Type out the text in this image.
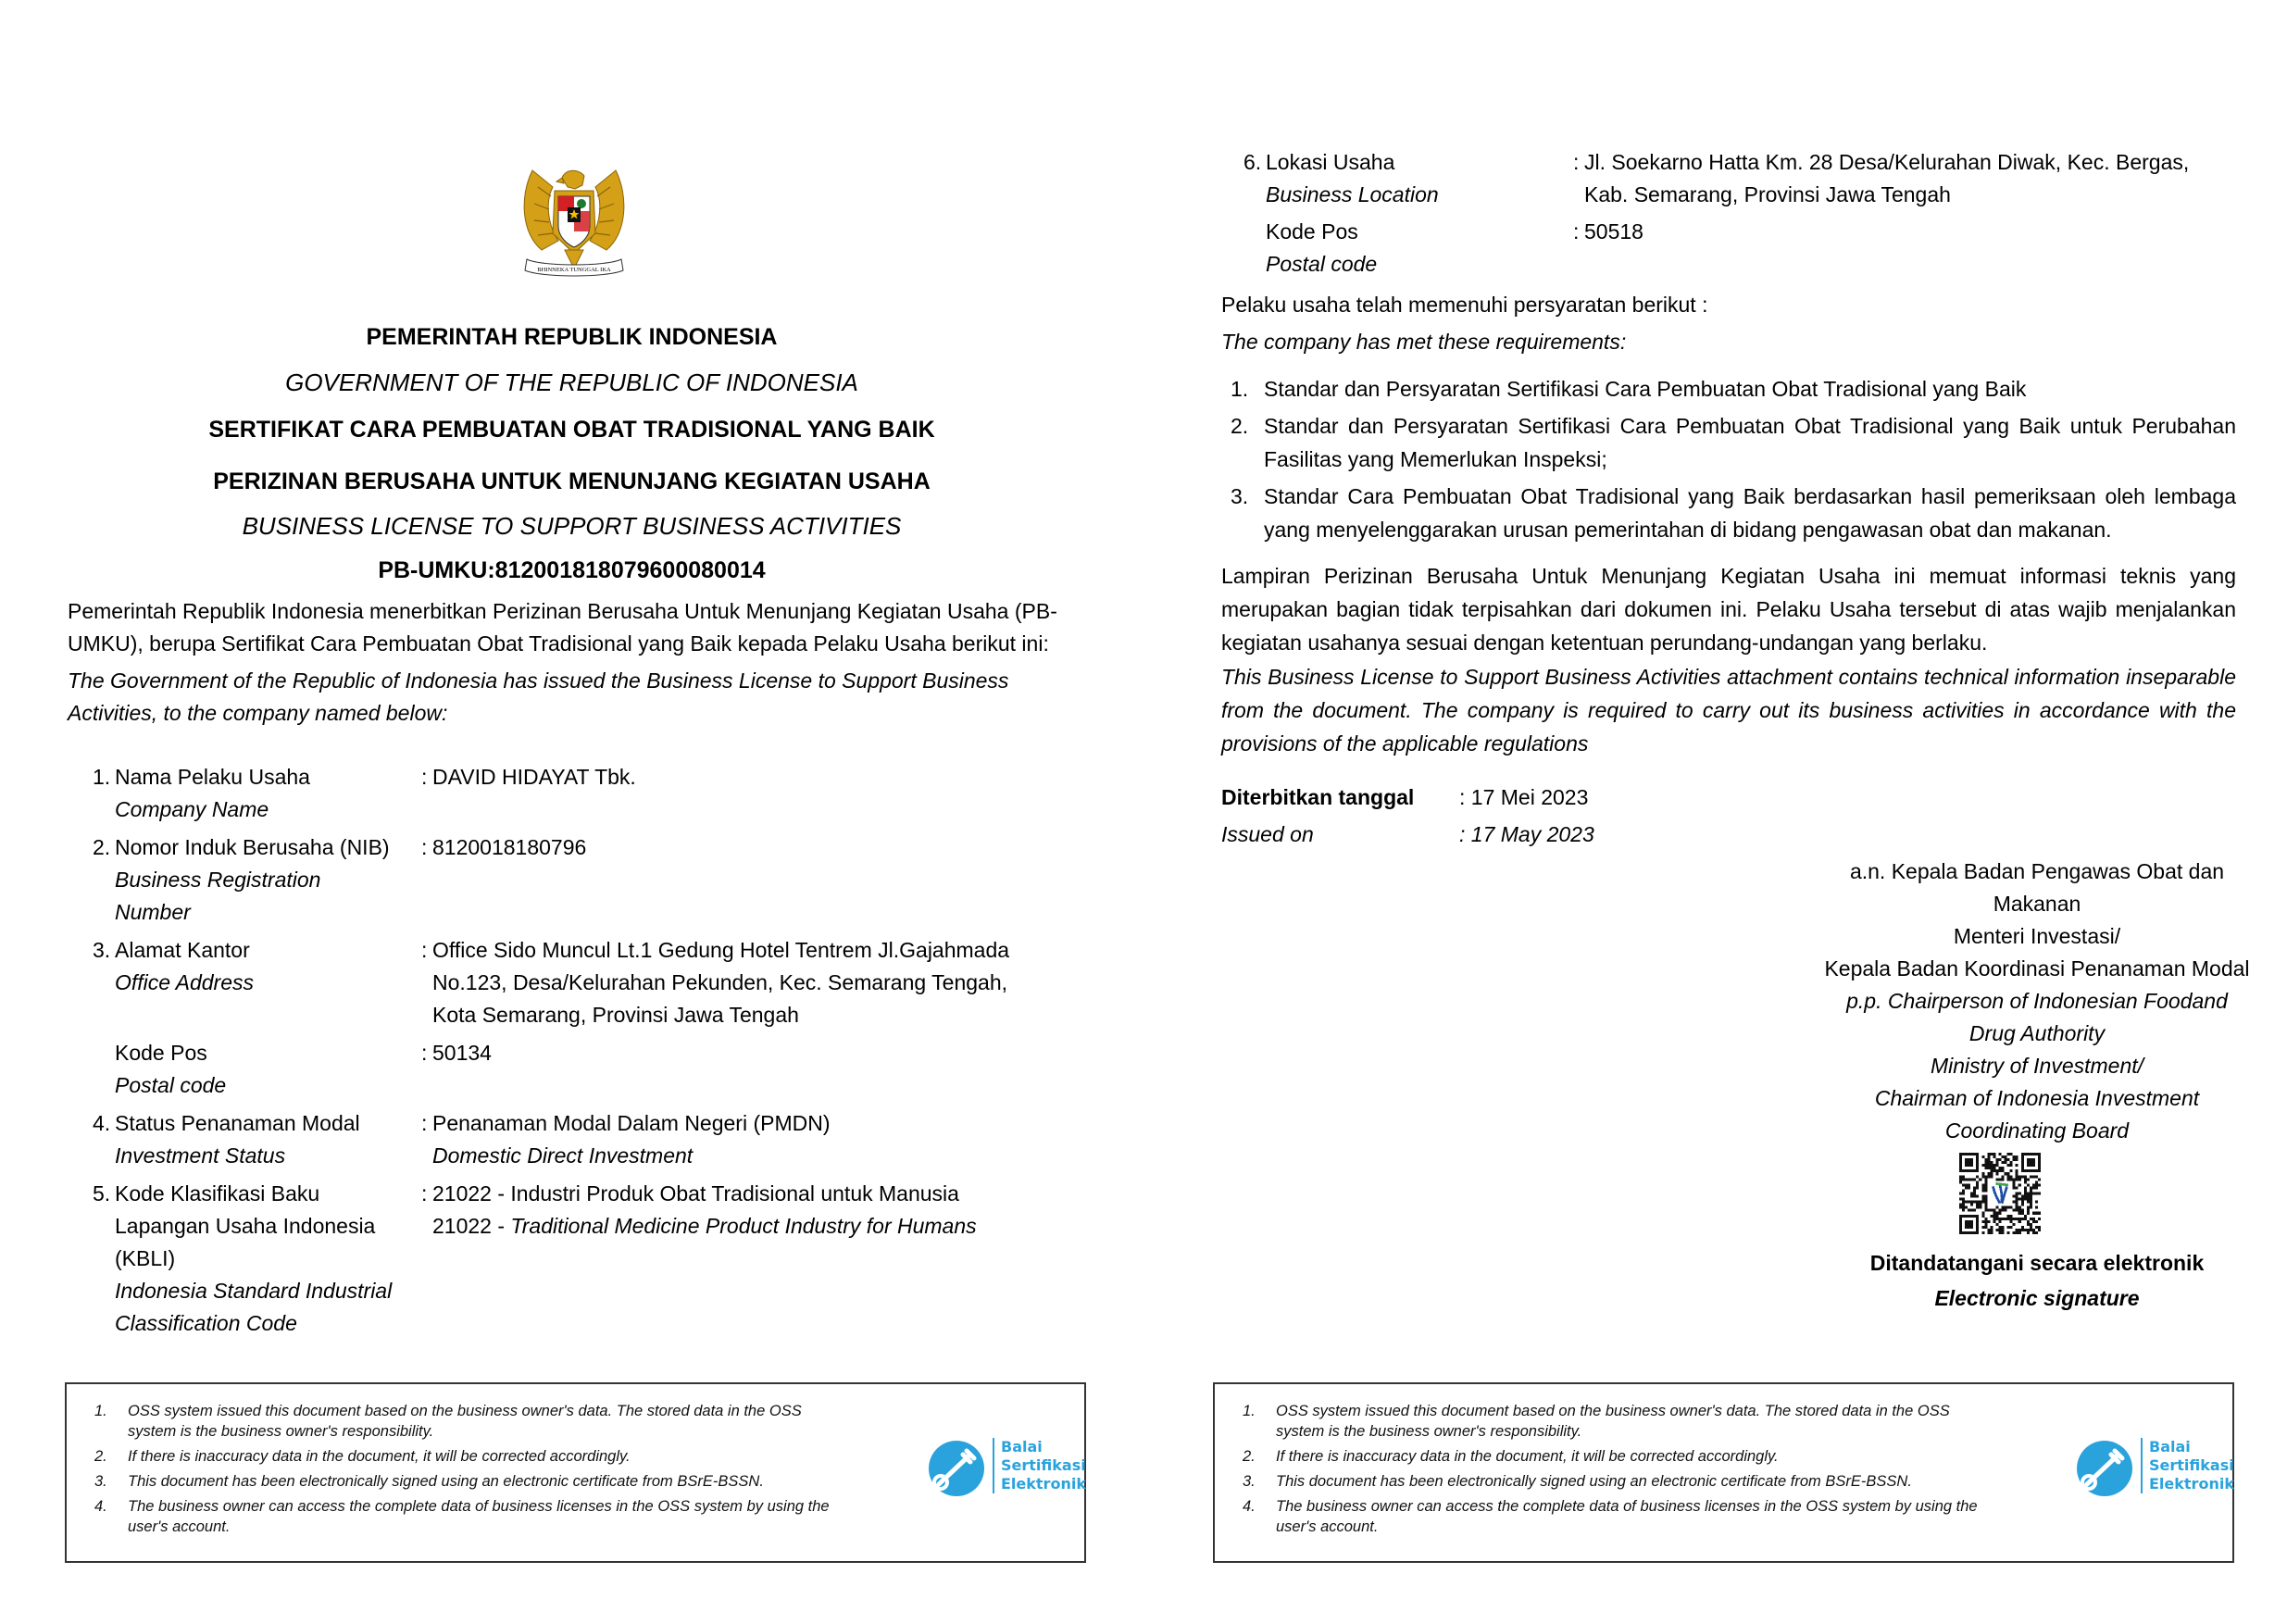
BHINNEKA TUNGGAL IKA
PEMERINTAH REPUBLIK INDONESIA
GOVERNMENT OF THE REPUBLIC OF INDONESIA
SERTIFIKAT CARA PEMBUATAN OBAT TRADISIONAL YANG BAIK
PERIZINAN BERUSAHA UNTUK MENUNJANG KEGIATAN USAHA
BUSINESS LICENSE TO SUPPORT BUSINESS ACTIVITIES
PB-UMKU:812001818079600080014
Pemerintah Republik Indonesia menerbitkan Perizinan Berusaha Untuk Menunjang Kegiatan Usaha (PB-
UMKU), berupa Sertifikat Cara Pembuatan Obat Tradisional yang Baik kepada Pelaku Usaha berikut ini:
The Government of the Republic of Indonesia has issued the Business License to Support Business
Activities, to the company named below:
1. Nama Pelaku Usaha
Company Name
: DAVID HIDAYAT Tbk.
2. Nomor Induk Berusaha (NIB)
Business Registration
Number
: 8120018180796
3. Alamat Kantor
Office Address
: Office Sido Muncul Lt.1 Gedung Hotel Tentrem Jl.Gajahmada
No.123, Desa/Kelurahan Pekunden, Kec. Semarang Tengah,
Kota Semarang, Provinsi Jawa Tengah
Kode Pos
Postal code
: 50134
4. Status Penanaman Modal
Investment Status
: Penanaman Modal Dalam Negeri (PMDN)
Domestic Direct Investment
5. Kode Klasifikasi Baku
Lapangan Usaha Indonesia
(KBLI)
Indonesia Standard Industrial
Classification Code
: 21022 - Industri Produk Obat Tradisional untuk Manusia
21022 - Traditional Medicine Product Industry for Humans
1. OSS system issued this document based on the business owner's data. The stored data in the OSS
system is the business owner's responsibility.
2. If there is inaccuracy data in the document, it will be corrected accordingly.
3. This document has been electronically signed using an electronic certificate from BSrE-BSSN.
4. The business owner can access the complete data of business licenses in the OSS system by using the
user's account.
Balai
Sertifikasi
Elektronik
6. Lokasi Usaha
Business Location
: Jl. Soekarno Hatta Km. 28 Desa/Kelurahan Diwak, Kec. Bergas,
Kab. Semarang, Provinsi Jawa Tengah
Kode Pos
Postal code
: 50518
Pelaku usaha telah memenuhi persyaratan berikut :
The company has met these requirements:
1. Standar dan Persyaratan Sertifikasi Cara Pembuatan Obat Tradisional yang Baik
2. Standar dan Persyaratan Sertifikasi Cara Pembuatan Obat Tradisional yang Baik untuk Perubahan Fasilitas yang Memerlukan Inspeksi;
3. Standar Cara Pembuatan Obat Tradisional yang Baik berdasarkan hasil pemeriksaan oleh lembaga yang menyelenggarakan urusan pemerintahan di bidang pengawasan obat dan makanan.
Lampiran Perizinan Berusaha Untuk Menunjang Kegiatan Usaha ini memuat informasi teknis yang merupakan bagian tidak terpisahkan dari dokumen ini. Pelaku Usaha tersebut di atas wajib menjalankan kegiatan usahanya sesuai dengan ketentuan perundang-undangan yang berlaku.
This Business License to Support Business Activities attachment contains technical information inseparable from the document. The company is required to carry out its business activities in accordance with the provisions of the applicable regulations
Diterbitkan tanggal : 17 Mei 2023
Issued on	: 17 May 2023
a.n. Kepala Badan Pengawas Obat dan
Makanan
Menteri Investasi/
Kepala Badan Koordinasi Penanaman Modal
p.p. Chairperson of Indonesian Foodand
Drug Authority
Ministry of Investment/
Chairman of Indonesia Investment
Coordinating Board
Ditandatangani secara elektronik
Electronic signature
1. OSS system issued this document based on the business owner's data. The stored data in the OSS
system is the business owner's responsibility.
2. If there is inaccuracy data in the document, it will be corrected accordingly.
3. This document has been electronically signed using an electronic certificate from BSrE-BSSN.
4. The business owner can access the complete data of business licenses in the OSS system by using the
user's account.
Balai
Sertifikasi
Elektronik
